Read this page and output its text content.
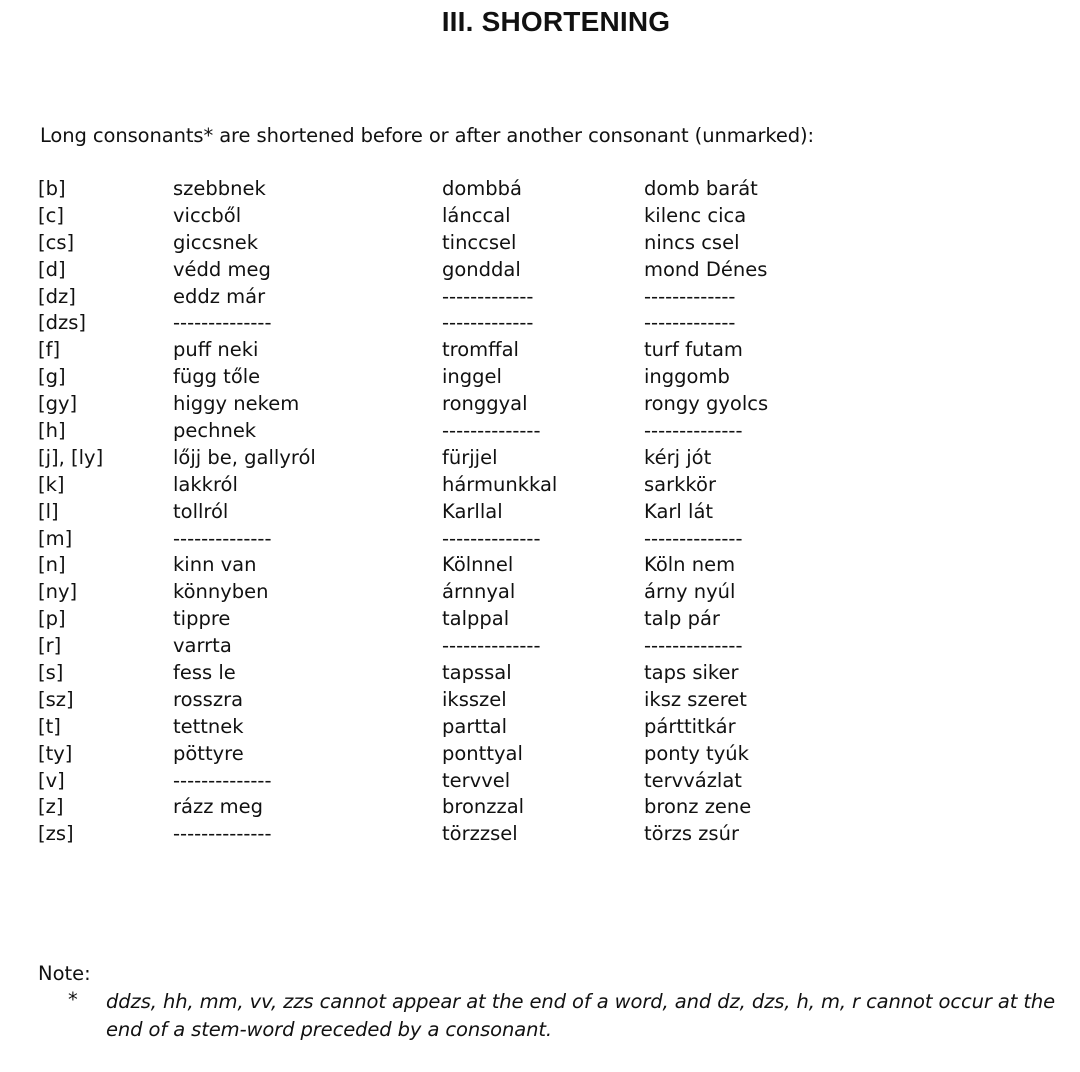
III. SHORTENING
Long consonants* are shortened before or after another consonant (unmarked):
[b]	szebbnek	dombbá	domb barát
[c]	viccből	lánccal	kilenc cica
[cs]	giccsnek	tinccsel	nincs csel
[d]	védd meg	gonddal	mond Dénes
[dz]	eddz már	-------------	-------------
[dzs]	--------------	-------------	-------------
[f]	puff neki	tromffal	turf futam
[g]	függ tőle	inggel	inggomb
[gy]	higgy nekem	ronggyal	rongy gyolcs
[h]	pechnek	--------------	--------------
[j], [ly]	lőjj be, gallyról	fürjjel	kérj jót
[k]	lakkról	hármunkkal	sarkkör
[l]	tollról	Karllal	Karl lát
[m]	--------------	--------------	--------------
[n]	kinn van	Kölnnel	Köln nem
[ny]	könnyben	árnnyal	árny nyúl
[p]	tippre	talppal	talp pár
[r]	varrta	--------------	--------------
[s]	fess le	tapssal	taps siker
[sz]	rosszra	iksszel	iksz szeret
[t]	tettnek	parttal	párttitkár
[ty]	pöttyre	ponttyal	ponty tyúk
[v]	--------------	tervvel	tervvázlat
[z]	rázz meg	bronzzal	bronz zene
[zs]	--------------	törzzsel	törzs zsúr
Note:
* ddzs, hh, mm, vv, zzs cannot appear at the end of a word, and dz, dzs, h, m, r cannot occur at the end of a stem-word preceded by a consonant.
